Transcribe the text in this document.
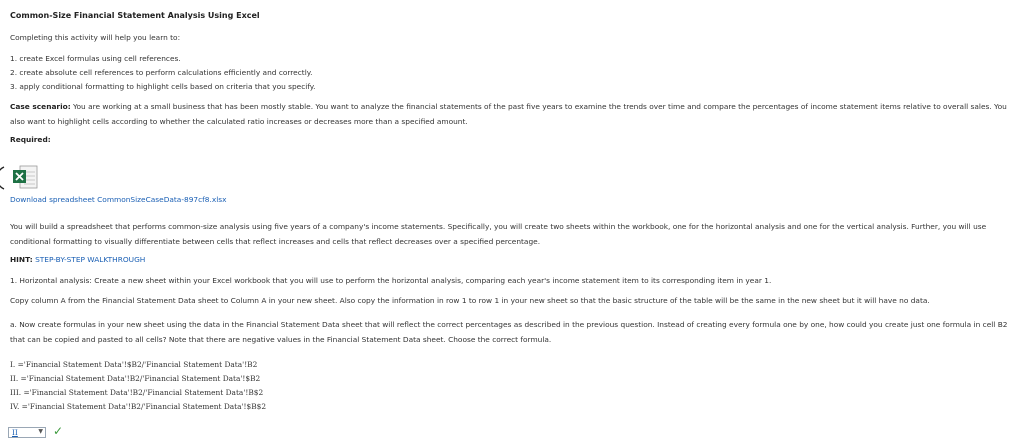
Common-Size Financial Statement Analysis Using Excel
Completing this activity will help you learn to:
1. create Excel formulas using cell references.
2. create absolute cell references to perform calculations efficiently and correctly.
3. apply conditional formatting to highlight cells based on criteria that you specify.
Case scenario: You are working at a small business that has been mostly stable. You want to analyze the financial statements of the past five years to examine the trends over time and compare the percentages of income statement items relative to overall sales. You also want to highlight cells according to whether the calculated ratio increases or decreases more than a specified amount.
Required:
Download spreadsheet CommonSizeCaseData-897cf8.xlsx
You will build a spreadsheet that performs common-size analysis using five years of a company's income statements. Specifically, you will create two sheets within the workbook, one for the horizontal analysis and one for the vertical analysis. Further, you will use conditional formatting to visually differentiate between cells that reflect increases and cells that reflect decreases over a specified percentage.
HINT: STEP-BY-STEP WALKTHROUGH
1. Horizontal analysis: Create a new sheet within your Excel workbook that you will use to perform the horizontal analysis, comparing each year's income statement item to its corresponding item in year 1.
Copy column A from the Financial Statement Data sheet to Column A in your new sheet. Also copy the information in row 1 to row 1 in your new sheet so that the basic structure of the table will be the same in the new sheet but it will have no data.
a. Now create formulas in your new sheet using the data in the Financial Statement Data sheet that will reflect the correct percentages as described in the previous question. Instead of creating every formula one by one, how could you create just one formula in cell B2 that can be copied and pasted to all cells? Note that there are negative values in the Financial Statement Data sheet. Choose the correct formula.
I. ='Financial Statement Data'!$B2/'Financial Statement Data'!B2
II. ='Financial Statement Data'!B2/'Financial Statement Data'!$B2
III. ='Financial Statement Data'!B2/'Financial Statement Data'!B$2
IV. ='Financial Statement Data'!B2/'Financial Statement Data'!$B$2
II	▼ ✓
